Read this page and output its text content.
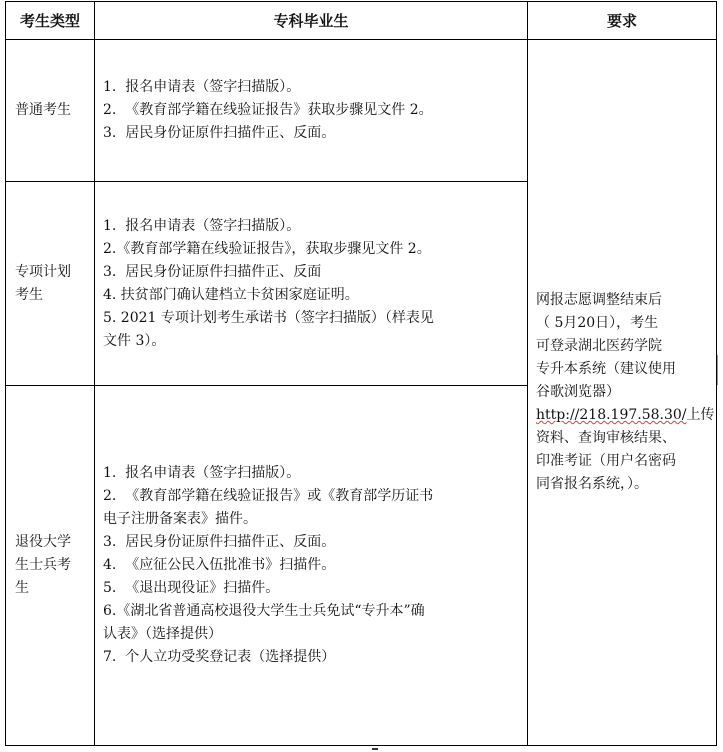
考生类型	专科毕业生	要求
普通考生
1.  报名申请表（签字扫描版）。
2.  《教育部学籍在线验证报告》获取步骤见文件 2。
3.  居民身份证原件扫描件正、反面。
专项计划
考生
1.  报名申请表（签字扫描版）。
2.《教育部学籍在线验证报告》，获取步骤见文件 2。
3.  居民身份证原件扫描件正、反面
4. 扶贫部门确认建档立卡贫困家庭证明。
5. 2021 专项计划考生承诺书（签字扫描版）（样表见
文件 3）。
退役大学
生士兵考
生
1.  报名申请表（签字扫描版）。
2.  《教育部学籍在线验证报告》或《教育部学历证书
电子注册备案表》描件。
3.  居民身份证原件扫描件正、反面。
4.  《应征公民入伍批准书》扫描件。
5.  《退出现役证》扫描件。
6.《湖北省普通高校退役大学生士兵免试“专升本”确
认表》（选择提供）
7.  个人立功受奖登记表（选择提供）
网报志愿调整结束后
（ 5月20日），考生
可登录湖北医药学院
专升本系统（建议使用
谷歌浏览器）
http://218.197.58.30/上传
资料、查询审核结果、
印准考证（用户名密码
同省报名系统，）。
